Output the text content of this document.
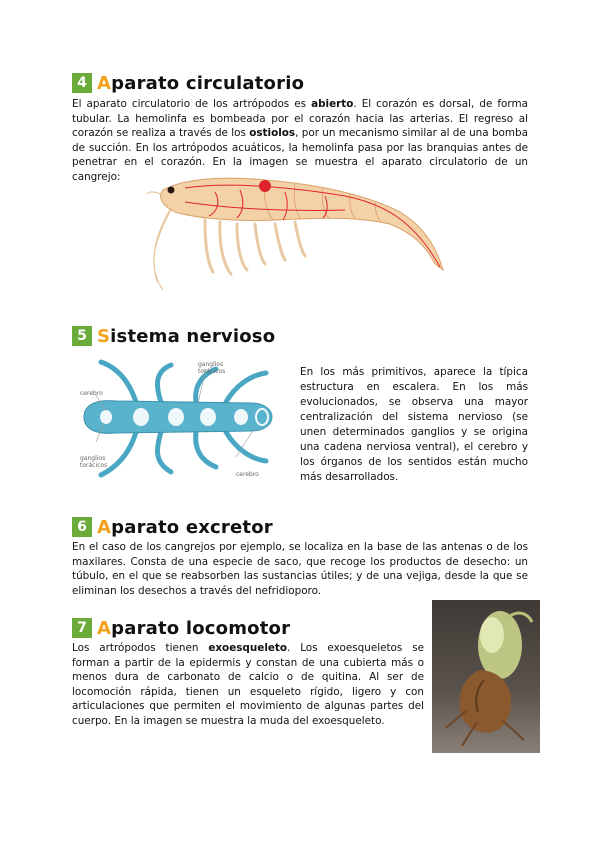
4 Aparato circulatorio

El aparato circulatorio de los artrópodos es abierto. El corazón es dorsal, de forma tubular. La hemolinfa es bombeada por el corazón hacia las arterias. El regreso al corazón se realiza a través de los ostiolos, por un mecanismo similar al de una bomba de succión. En los artrópodos acuáticos, la hemolinfa pasa por las branquias antes de penetrar en el corazón. En la imagen se muestra el aparato circulatorio de un cangrejo:

5 Sistema nervioso
ganglios torácicos
cerebro
ganglios torácicos
cerebro

En los más primitivos, aparece la típica estructura en escalera. En los más evolucionados, se observa una mayor centralización del sistema nervioso (se unen determinados ganglios y se origina una cadena nerviosa ventral), el cerebro y los órganos de los sentidos están mucho más desarrollados.

6 Aparato excretor

En el caso de los cangrejos por ejemplo, se localiza en la base de las antenas o de los maxilares. Consta de una especie de saco, que recoge los productos de desecho: un túbulo, en el que se reabsorben las sustancias útiles; y de una vejiga, desde la que se eliminan los desechos a través del nefridioporo.

7 Aparato locomotor

Los artrópodos tienen exoesqueleto. Los exoesqueletos se forman a partir de la epidermis y constan de una cubierta más o menos dura de carbonato de calcio o de quitina. Al ser de locomoción rápida, tienen un esqueleto rígido, ligero y con articulaciones que permiten el movimiento de algunas partes del cuerpo. En la imagen se muestra la muda del exoesqueleto.
